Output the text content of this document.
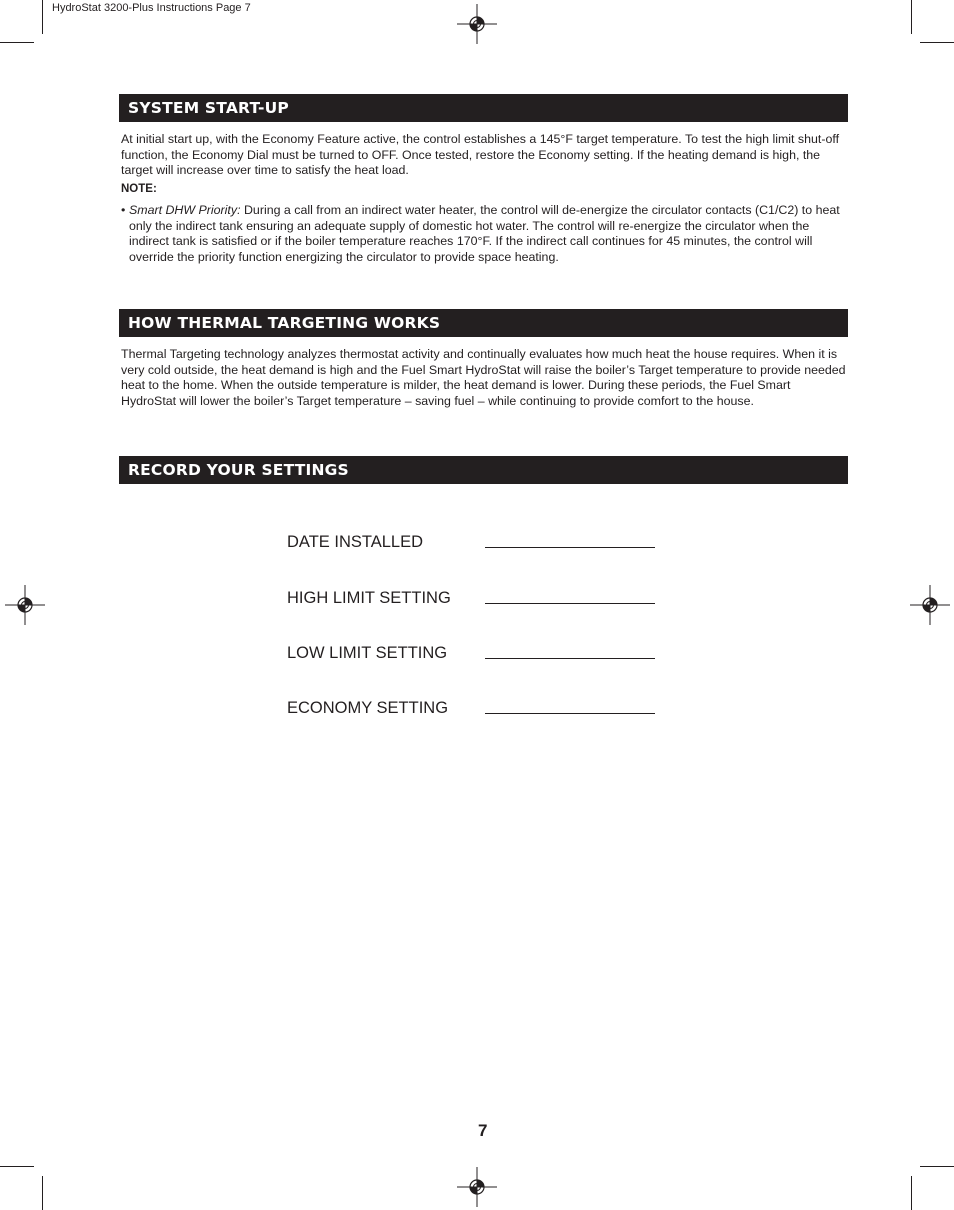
HydroStat 3200-Plus Instructions Page 7
SYSTEM START-UP
At initial start up, with the Economy Feature active, the control establishes a 145°F target temperature. To test the high limit shut-off function, the Economy Dial must be turned to OFF. Once tested, restore the Economy setting. If the heating demand is high, the target will increase over time to satisfy the heat load.
NOTE:
• Smart DHW Priority: During a call from an indirect water heater, the control will de-energize the circulator contacts (C1/C2) to heat only the indirect tank ensuring an adequate supply of domestic hot water. The control will re-energize the circulator when the indirect tank is satisfied or if the boiler temperature reaches 170°F. If the indirect call continues for 45 minutes, the control will override the priority function energizing the circulator to provide space heating.
HOW THERMAL TARGETING WORKS
Thermal Targeting technology analyzes thermostat activity and continually evaluates how much heat the house requires. When it is very cold outside, the heat demand is high and the Fuel Smart HydroStat will raise the boiler’s Target temperature to provide needed heat to the home. When the outside temperature is milder, the heat demand is lower. During these periods, the Fuel Smart HydroStat will lower the boiler’s Target temperature – saving fuel – while continuing to provide comfort to the house.
RECORD YOUR SETTINGS
DATE INSTALLED
HIGH LIMIT SETTING
LOW LIMIT SETTING
ECONOMY SETTING
7
